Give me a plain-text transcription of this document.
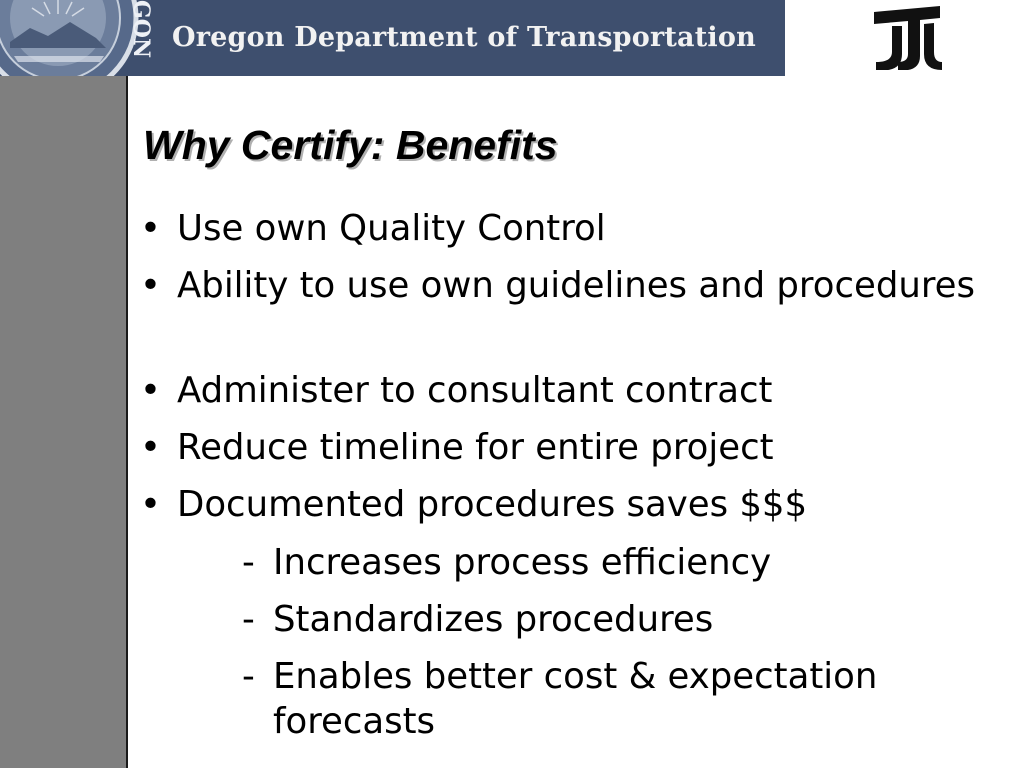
GON Oregon Department of Transportation
Why Certify: Benefits
• Use own Quality Control
• Ability to use own guidelines and procedures
• Administer to consultant contract
• Reduce timeline for entire project
• Documented procedures saves $$$
- Increases process efficiency
- Standardizes procedures
- Enables better cost & expectation forecasts
